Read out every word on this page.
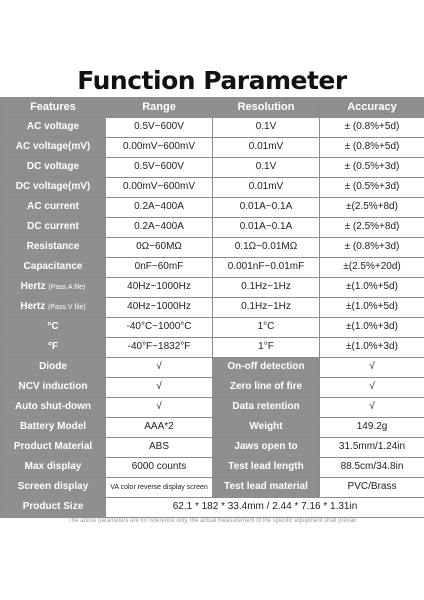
Function Parameter
Features	Range	Resolution	Accuracy
AC voltage	0.5V~600V	0.1V	± (0.8%+5d)
AC voltage(mV)	0.00mV~600mV	0.01mV	± (0.8%+5d)
DC voltage	0.5V~600V	0.1V	± (0.5%+3d)
DC voltage(mV)	0.00mV~600mV	0.01mV	± (0.5%+3d)
AC current	0.2A~400A	0.01A~0.1A	±(2.5%+8d)
DC current	0.2A~400A	0.01A~0.1A	± (2.5%+8d)
Resistance	0Ω~60MΩ	0.1Ω~0.01MΩ	± (0.8%+3d)
Capacitance	0nF~60mF	0.001nF~0.01mF	±(2.5%+20d)
Hertz (Pass A file)	40Hz~1000Hz	0.1Hz~1Hz	±(1.0%+5d)
Hertz (Pass V file)	40Hz~1000Hz	0.1Hz~1Hz	±(1.0%+5d)
°C	-40°C~1000°C	1°C	±(1.0%+3d)
°F	-40°F~1832°F	1°F	±(1.0%+3d)
Diode	√	On-off detection	√
NCV induction	√	Zero line of fire	√
Auto shut-down	√	Data retention	√
Battery Model	AAA*2	Weight	149.2g
Product Material	ABS	Jaws open to	31.5mm/1.24in
Max display	6000 counts	Test lead length	88.5cm/34.8in
Screen display	VA color reverse display screen	Test lead material	PVC/Brass
Product Size	62.1 * 182 * 33.4mm / 2.44 * 7.16 * 1.31in		
The above parameters are for reference only, the actual measurement of the specific equipment shall prevail
